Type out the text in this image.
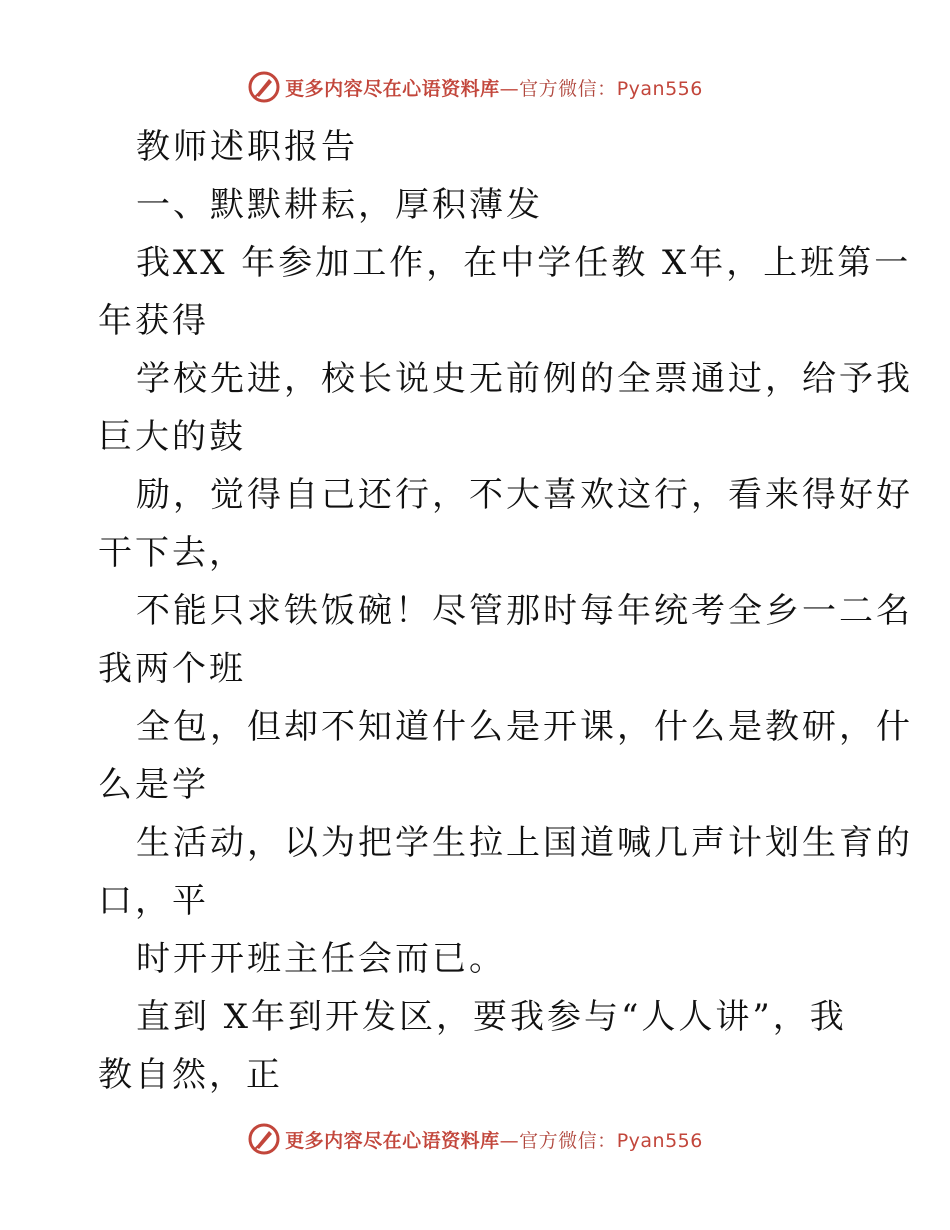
更多内容尽在心语资料库—官方微信：Pyan556
教师述职报告
一、默默耕耘，厚积薄发
我XX 年参加工作，在中学任教 X年，上班第一
年获得
学校先进，校长说史无前例的全票通过，给予我
巨大的鼓
励，觉得自己还行，不大喜欢这行，看来得好好
干下去，
不能只求铁饭碗！尽管那时每年统考全乡一二名
我两个班
全包，但却不知道什么是开课，什么是教研，什
么是学
生活动，以为把学生拉上国道喊几声计划生育的
口，平
时开开班主任会而已。
直到 X年到开发区，要我参与“人人讲”，我
教自然，正
更多内容尽在心语资料库—官方微信：Pyan556
